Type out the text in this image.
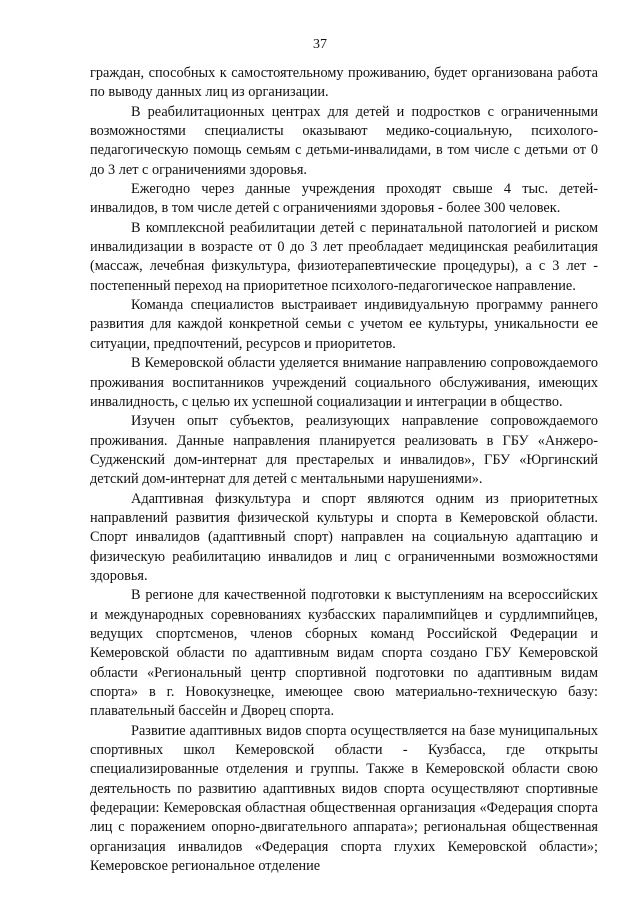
37

граждан, способных к самостоятельному проживанию, будет организована работа по выводу данных лиц из организации.

В реабилитационных центрах для детей и подростков с ограниченными возможностями специалисты оказывают медико-социальную, психолого-педагогическую помощь семьям с детьми-инвалидами, в том числе с детьми от 0 до 3 лет с ограничениями здоровья.

Ежегодно через данные учреждения проходят свыше 4 тыс. детей-инвалидов, в том числе детей с ограничениями здоровья - более 300 человек.

В комплексной реабилитации детей с перинатальной патологией и риском инвалидизации в возрасте от 0 до 3 лет преобладает медицинская реабилитация (массаж, лечебная физкультура, физиотерапевтические процедуры), а с 3 лет - постепенный переход на приоритетное психолого-педагогическое направление.

Команда специалистов выстраивает индивидуальную программу раннего развития для каждой конкретной семьи с учетом ее культуры, уникальности ее ситуации, предпочтений, ресурсов и приоритетов.

В Кемеровской области уделяется внимание направлению сопровождаемого проживания воспитанников учреждений социального обслуживания, имеющих инвалидность, с целью их успешной социализации и интеграции в общество.

Изучен опыт субъектов, реализующих направление сопровождаемого проживания. Данные направления планируется реализовать в ГБУ «Анжеро-Судженский дом-интернат для престарелых и инвалидов», ГБУ «Юргинский детский дом-интернат для детей с ментальными нарушениями».

Адаптивная физкультура и спорт являются одним из приоритетных направлений развития физической культуры и спорта в Кемеровской области. Спорт инвалидов (адаптивный спорт) направлен на социальную адаптацию и физическую реабилитацию инвалидов и лиц с ограниченными возможностями здоровья.

В регионе для качественной подготовки к выступлениям на всероссийских и международных соревнованиях кузбасских паралимпийцев и сурдлимпийцев, ведущих спортсменов, членов сборных команд Российской Федерации и Кемеровской области по адаптивным видам спорта создано ГБУ Кемеровской области «Региональный центр спортивной подготовки по адаптивным видам спорта» в г. Новокузнецке, имеющее свою материально-техническую базу: плавательный бассейн и Дворец спорта.

Развитие адаптивных видов спорта осуществляется на базе муниципальных спортивных школ Кемеровской области - Кузбасса, где открыты специализированные отделения и группы. Также в Кемеровской области свою деятельность по развитию адаптивных видов спорта осуществляют спортивные федерации: Кемеровская областная общественная организация «Федерация спорта лиц с поражением опорно-двигательного аппарата»; региональная общественная организация инвалидов «Федерация спорта глухих Кемеровской области»; Кемеровское региональное отделение
